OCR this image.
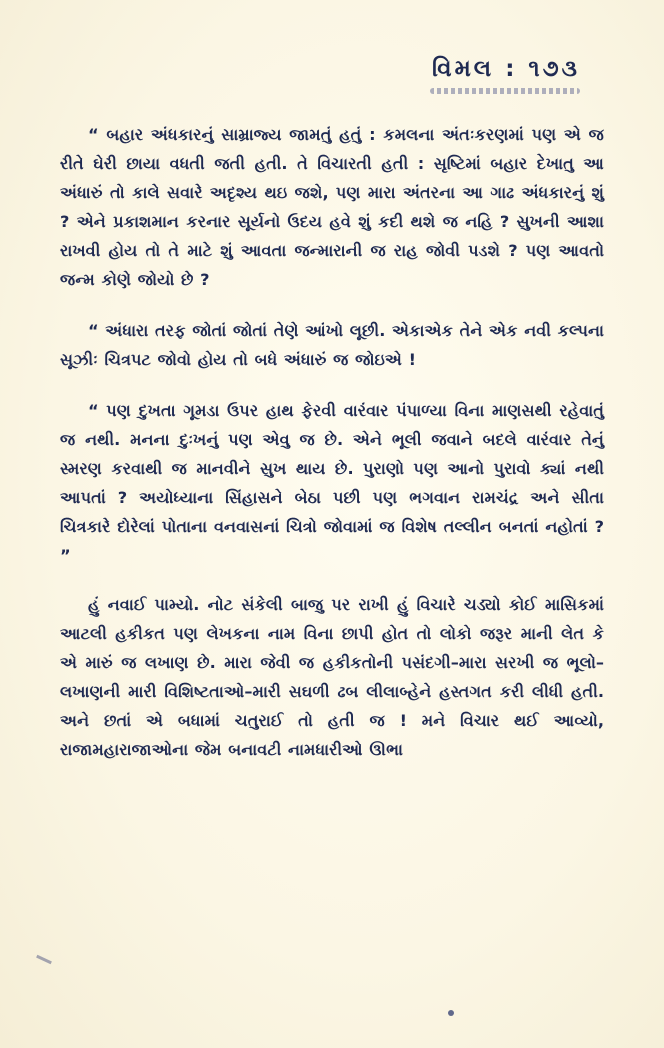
વિમલ : ૧૭૩

“ બહાર અંધકારનું સામ્રાજ્ય જામતું હતું : કમલના અંતઃકરણમાં પણ એ જ રીતે ઘેરી છાયા વધતી જતી હતી. તે વિચારતી હતી : સૃષ્ટિમાં બહાર દેખાતુ આ અંધારું તો કાલે સવારે અદૃશ્ય થઇ જશે, પણ મારા અંતરના આ ગાઢ અંધકારનું શું ? એને પ્રકાશમાન કરનાર સૂર્યનો ઉદય હવે શું કદી થશે જ નહિ ? સુખની આશા રાખવી હોય તો તે માટે શું આવતા જન્મારાની જ રાહ જોવી પડશે ? પણ આવતો જન્મ કોણે જોયો છે ?

“ અંધારા તરફ જોતાં જોતાં તેણે આંખો લૂછી. એકાએક તેને એક નવી કલ્પના સૂઝીઃ ચિત્રપટ જોવો હોય તો બધે અંધારું જ જોઇએ !

“ પણ દુખતા ગૂમડા ઉપર હાથ ફેરવી વારંવાર પંપાળ્યા વિના માણસથી રહેવાતું જ નથી. મનના દુઃખનું પણ એવુ જ છે. એને ભૂલી જવાને બદલે વારંવાર તેનું સ્મરણ કરવાથી જ માનવીને સુખ થાય છે. પુરાણો પણ આનો પુરાવો ક્યાં નથી આપતાં ? અયોધ્યાના સિંહાસને બેઠા પછી પણ ભગવાન રામચંદ્ર અને સીતા ચિત્રકારે દોરેલાં પોતાના વનવાસનાં ચિત્રો જોવામાં જ વિશેષ તલ્લીન બનતાં નહોતાં ? ”

હું નવાઈ પામ્યો. નોટ સંકેલી બાજુ પર રાખી હું વિચારે ચડ્યો કોઈ માસિકમાં આટલી હકીકત પણ લેખકના નામ વિના છાપી હોત તો લોકો જરૂર માની લેત કે એ મારું જ લખાણ છે. મારા જેવી જ હકીકતોની પસંદગી–મારા સરખી જ ભૂલો–લખાણની મારી વિશિષ્ટતાઓ–મારી સઘળી ઢબ લીલાબ્હેને હસ્તગત કરી લીધી હતી. અને છતાં એ બધામાં ચતુરાઈ તો હતી જ ! મને વિચાર થઈ આવ્યો, રાજામહારાજાઓના જેમ બનાવટી નામધારીઓ ઊભા
